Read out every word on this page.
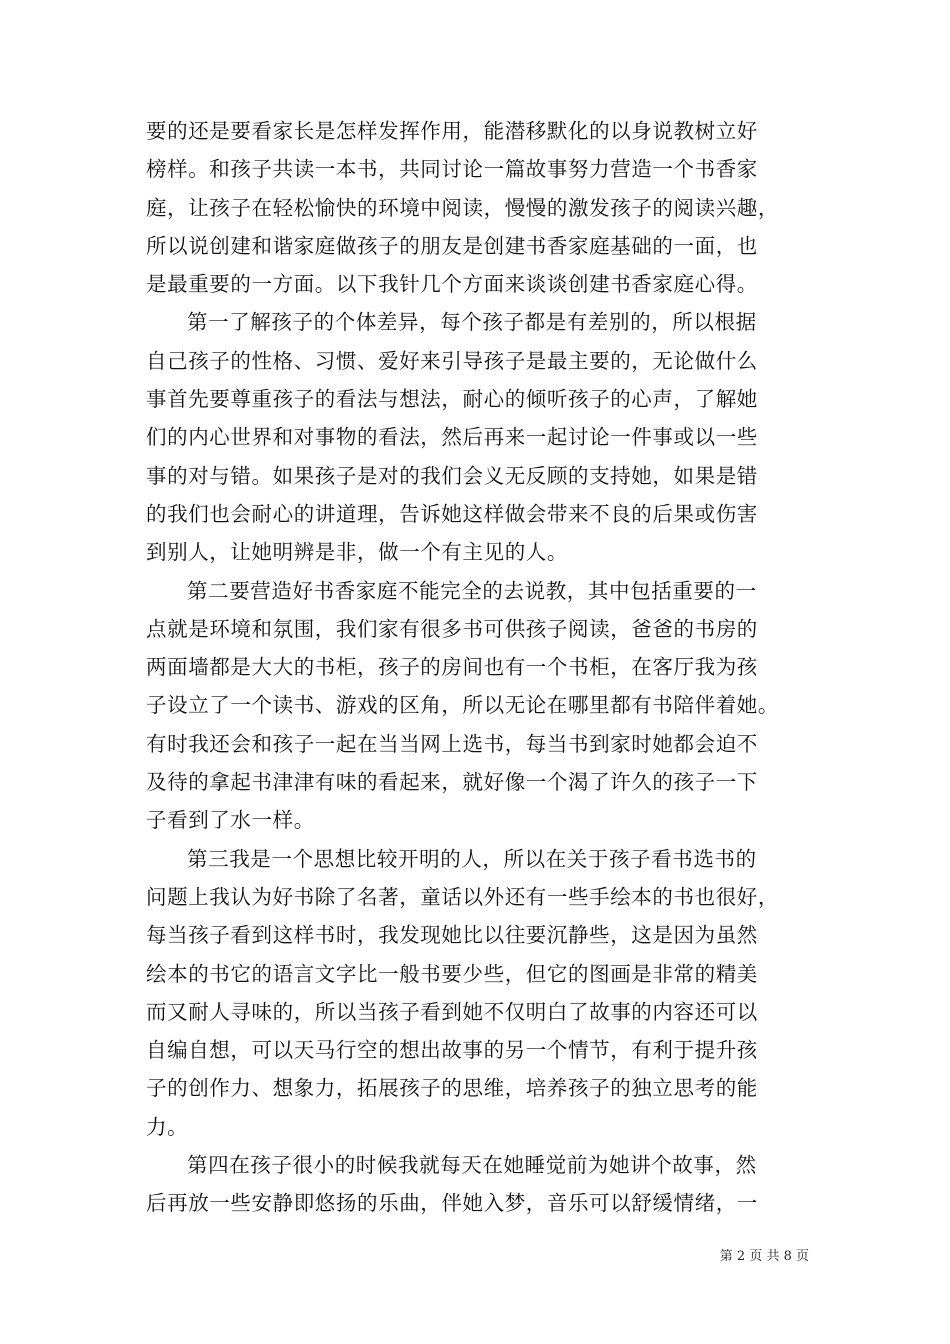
要的还是要看家长是怎样发挥作用，能潜移默化的以身说教树立好
榜样。和孩子共读一本书，共同讨论一篇故事努力营造一个书香家
庭，让孩子在轻松愉快的环境中阅读，慢慢的激发孩子的阅读兴趣，
所以说创建和谐家庭做孩子的朋友是创建书香家庭基础的一面，也
是最重要的一方面。以下我针几个方面来谈谈创建书香家庭心得。
第一了解孩子的个体差异，每个孩子都是有差别的，所以根据
自己孩子的性格、习惯、爱好来引导孩子是最主要的，无论做什么
事首先要尊重孩子的看法与想法，耐心的倾听孩子的心声，了解她
们的内心世界和对事物的看法，然后再来一起讨论一件事或以一些
事的对与错。如果孩子是对的我们会义无反顾的支持她，如果是错
的我们也会耐心的讲道理，告诉她这样做会带来不良的后果或伤害
到别人，让她明辨是非，做一个有主见的人。
第二要营造好书香家庭不能完全的去说教，其中包括重要的一
点就是环境和氛围，我们家有很多书可供孩子阅读，爸爸的书房的
两面墙都是大大的书柜，孩子的房间也有一个书柜，在客厅我为孩
子设立了一个读书、游戏的区角，所以无论在哪里都有书陪伴着她。
有时我还会和孩子一起在当当网上选书，每当书到家时她都会迫不
及待的拿起书津津有味的看起来，就好像一个渴了许久的孩子一下
子看到了水一样。
第三我是一个思想比较开明的人，所以在关于孩子看书选书的
问题上我认为好书除了名著，童话以外还有一些手绘本的书也很好，
每当孩子看到这样书时，我发现她比以往要沉静些，这是因为虽然
绘本的书它的语言文字比一般书要少些，但它的图画是非常的精美
而又耐人寻味的，所以当孩子看到她不仅明白了故事的内容还可以
自编自想，可以天马行空的想出故事的另一个情节，有利于提升孩
子的创作力、想象力，拓展孩子的思维，培养孩子的独立思考的能
力。
第四在孩子很小的时候我就每天在她睡觉前为她讲个故事，然
后再放一些安静即悠扬的乐曲，伴她入梦，音乐可以舒缓情绪，一
第 2 页 共 8 页
